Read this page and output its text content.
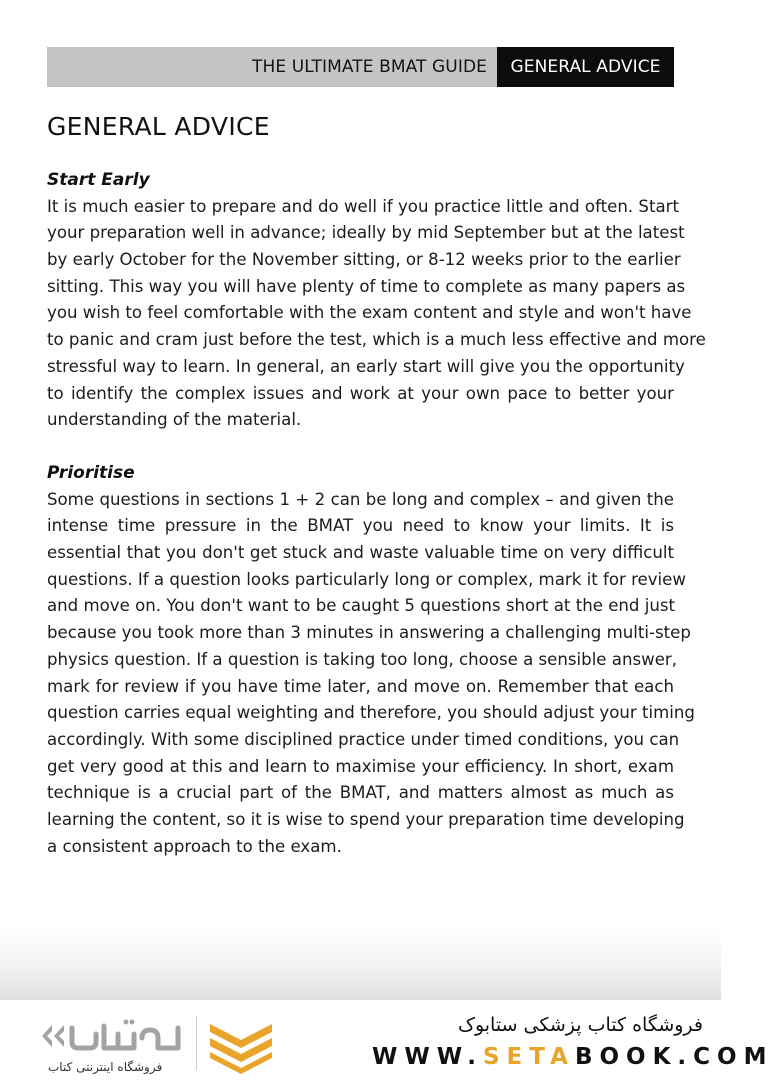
THE ULTIMATE BMAT GUIDE	GENERAL ADVICE
GENERAL ADVICE
Start Early
It is much easier to prepare and do well if you practice little and often. Start
your preparation well in advance; ideally by mid September but at the latest
by early October for the November sitting, or 8-12 weeks prior to the earlier
sitting. This way you will have plenty of time to complete as many papers as
you wish to feel comfortable with the exam content and style and won't have
to panic and cram just before the test, which is a much less effective and more
stressful way to learn. In general, an early start will give you the opportunity
to identify the complex issues and work at your own pace to better your
understanding of the material.
Prioritise
Some questions in sections 1 + 2 can be long and complex – and given the
intense time pressure in the BMAT you need to know your limits. It is
essential that you don't get stuck and waste valuable time on very difficult
questions. If a question looks particularly long or complex, mark it for review
and move on. You don't want to be caught 5 questions short at the end just
because you took more than 3 minutes in answering a challenging multi-step
physics question. If a question is taking too long, choose a sensible answer,
mark for review if you have time later, and move on. Remember that each
question carries equal weighting and therefore, you should adjust your timing
accordingly. With some disciplined practice under timed conditions, you can
get very good at this and learn to maximise your efficiency. In short, exam
technique is a crucial part of the BMAT, and matters almost as much as
learning the content, so it is wise to spend your preparation time developing
a consistent approach to the exam.
فروشگاه اینترنتی کتاب
فروشگاه کتاب پزشکی ستابوک
WWW.SETABOOK.COM
